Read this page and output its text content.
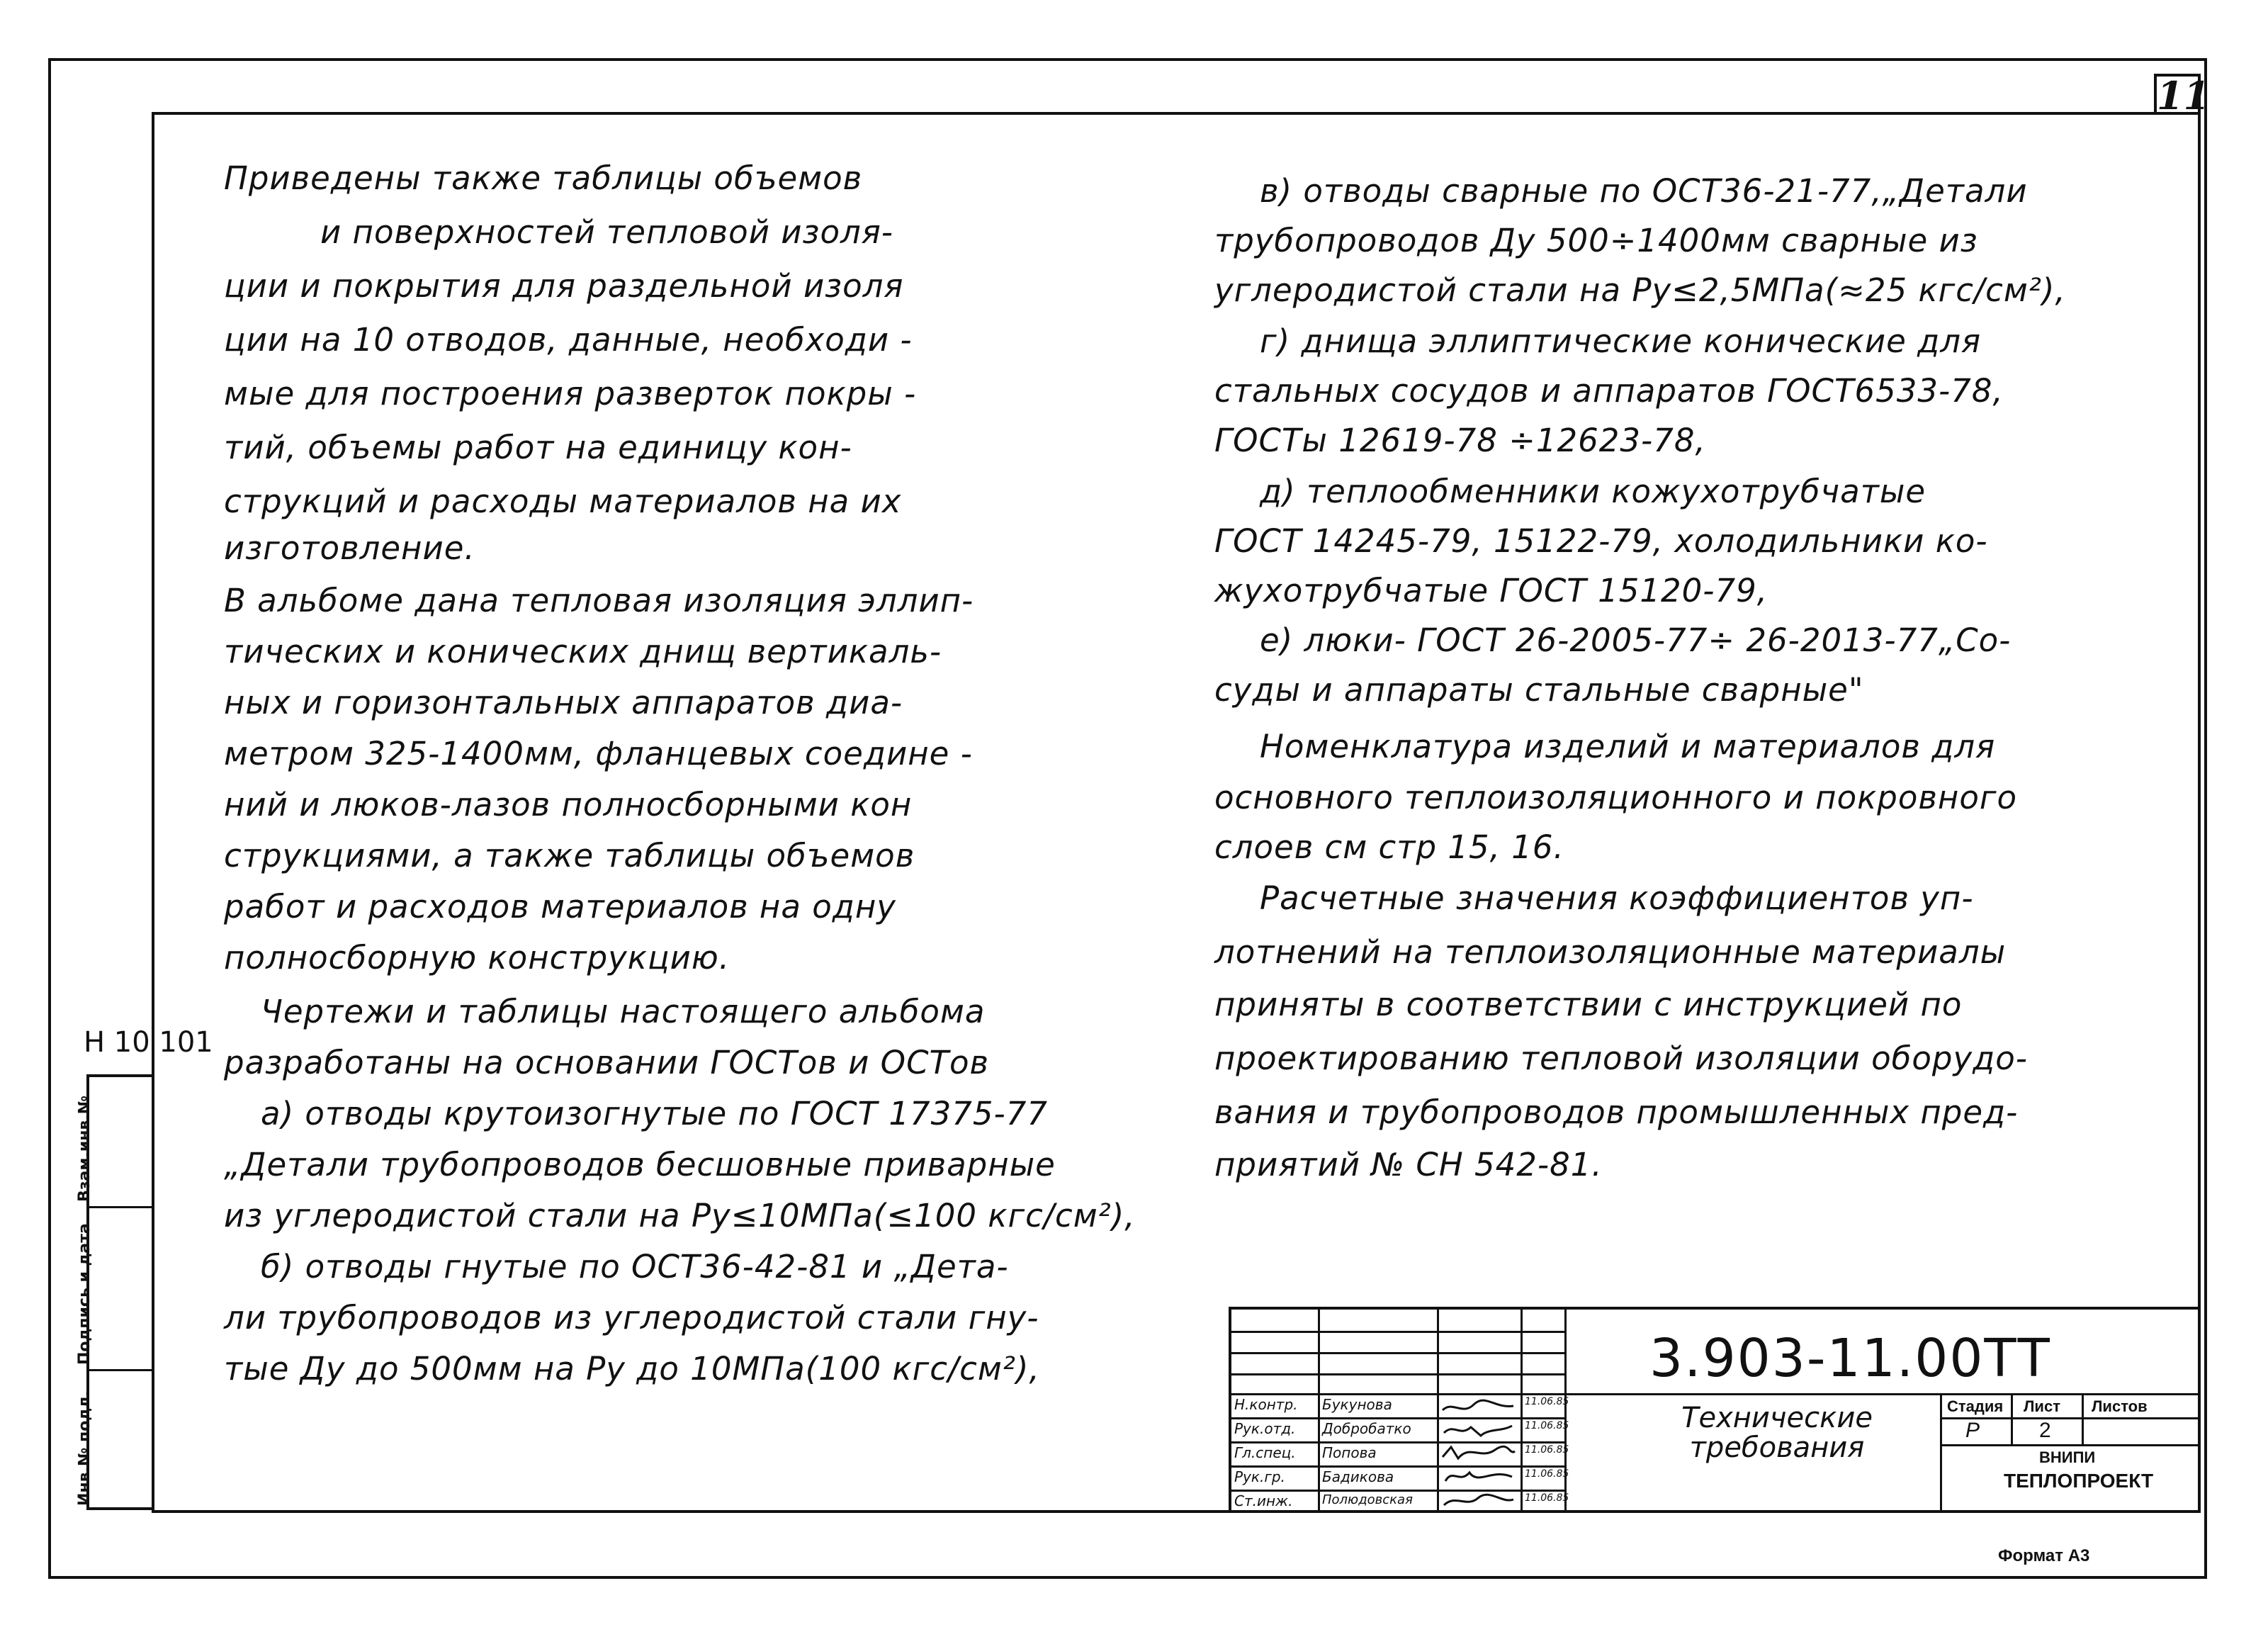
11
Приведены также таблицы объемов
и поверхностей тепловой изоля-
ции и покрытия для раздельной изоля
ции на 10 отводов, данные, необходи -
мые для построения разверток покры -
тий, объемы работ на единицу кон-
струкций и расходы материалов на их
изготовление.
В альбоме дана тепловая изоляция эллип-
тических и конических днищ вертикаль-
ных и горизонтальных аппаратов диа-
метром 325-1400мм, фланцевых соедине -
ний и люков-лазов полносборными кон
струкциями, а также таблицы объемов
работ и расходов материалов на одну
полносборную конструкцию.
Чертежи и таблицы настоящего альбома
разработаны на основании ГОСТов и ОСТов
а) отводы крутоизогнутые по ГОСТ 17375-77
„Детали трубопроводов бесшовные приварные
из углеродистой стали на Ру≤10МПа(≤100 кгс/см²),
б) отводы гнутые по ОСТ36-42-81 и „Дета-
ли трубопроводов из углеродистой стали гну-
тые Ду до 500мм на Ру до 10МПа(100 кгс/см²),
в) отводы сварные по ОСТ36-21-77,„Детали
трубопроводов Ду 500÷1400мм сварные из
углеродистой стали на Ру≤2,5МПа(≈25 кгс/см²),
г) днища эллиптические конические для
стальных сосудов и аппаратов ГОСТ6533-78,
ГОСТы 12619-78 ÷12623-78,
д) теплообменники кожухотрубчатые
ГОСТ 14245-79, 15122-79, холодильники ко-
жухотрубчатые ГОСТ 15120-79,
е) люки- ГОСТ 26-2005-77÷ 26-2013-77„Со-
суды и аппараты стальные сварные"
Номенклатура изделий и материалов для
основного теплоизоляционного и покровного
слоев см стр 15, 16.
Расчетные значения коэффициентов уп-
лотнений на теплоизоляционные материалы
приняты в соответствии с инструкцией по
проектированию тепловой изоляции оборудо-
вания и трубопроводов промышленных пред-
приятий № СН 542-81.
Н 10 101
Взам.инв.№
Подпись и дата
Инв.№ подл.
3.903-11.00ТТ
Технические
требования
Стадия Лист Листов
Р	2
ВНИПИ
ТЕПЛОПРОЕКТ
Н.контр. Букунова	11.06.85
Рук.отд. Добробатко	11.06.85
Гл.спец. Попова	11.06.85
Рук.гр.	Бадикова	11.06.85
Ст.инж. Полюдовская	11.06.85
Формат А3
